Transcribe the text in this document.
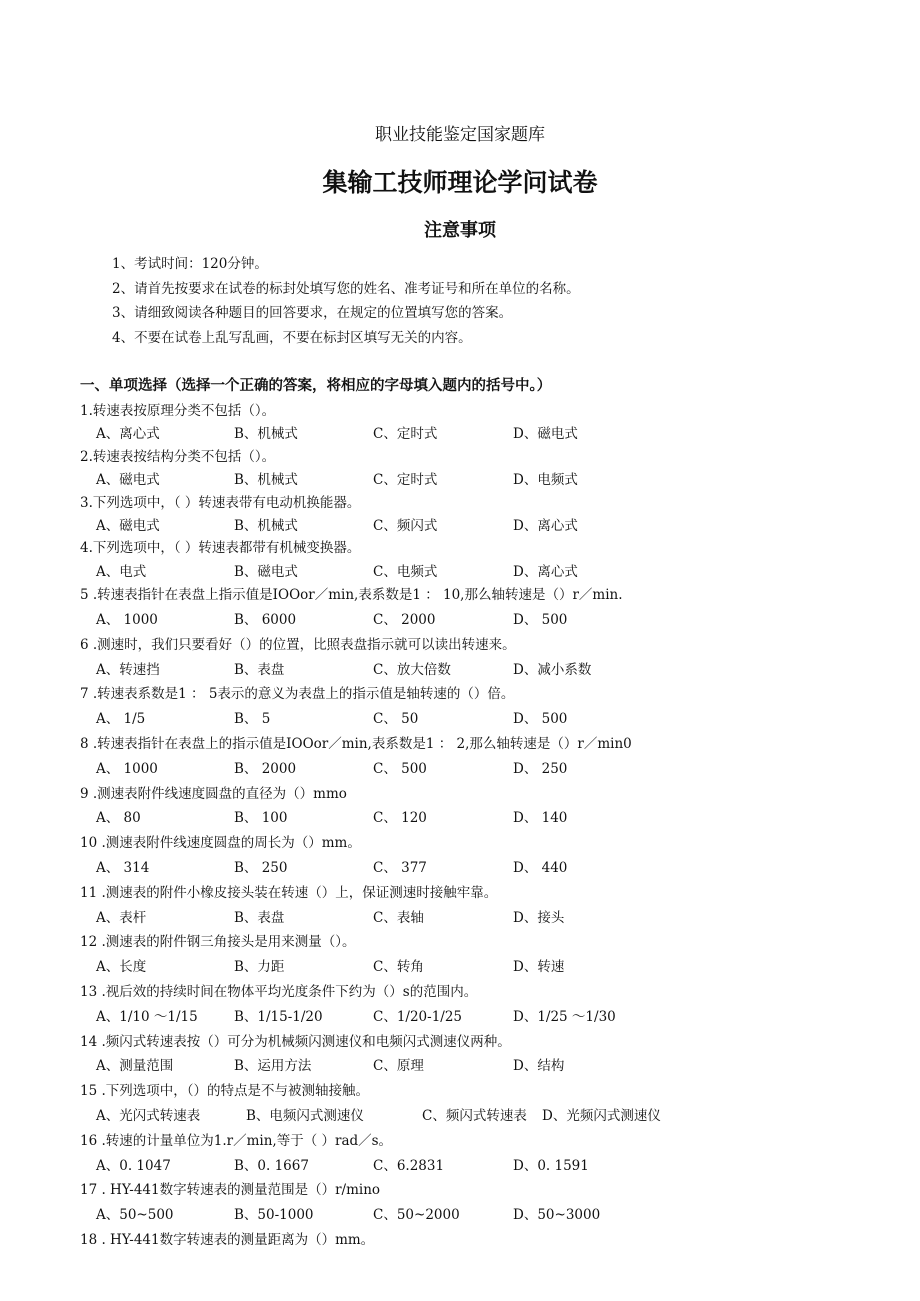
职业技能鉴定国家题库
集输工技师理论学问试卷
注意事项
1、考试时间：120分钟。
2、请首先按要求在试卷的标封处填写您的姓名、准考证号和所在单位的名称。
3、请细致阅读各种题目的回答要求，在规定的位置填写您的答案。
4、不要在试卷上乱写乱画，不要在标封区填写无关的内容。
一、单项选择（选择一个正确的答案，将相应的字母填入题内的括号中。）
1.转速表按原理分类不包括（）。
A、离心式	B、机械式	C、定时式	D、磁电式
2.转速表按结构分类不包括（）。
A、磁电式	B、机械式	C、定时式	D、电频式
3.下列选项中，（ ）转速表带有电动机换能器。
A、磁电式	B、机械式	C、频闪式	D、离心式
4.下列选项中，（ ）转速表都带有机械变换器。
A、电式	B、磁电式	C、电频式	D、离心式
5 .转速表指针在表盘上指示值是IOOor／min,表系数是1 ： 10,那么轴转速是（）r／min.
A、 1000	B、 6000	C、 2000	D、 500
6 .测速时，我们只要看好（）的位置，比照表盘指示就可以读出转速来。
A、转速挡	B、表盘	C、放大倍数	D、减小系数
7 .转速表系数是1 ： 5表示的意义为表盘上的指示值是轴转速的（）倍。
A、 1/5	B、 5	C、 50	D、 500
8 .转速表指针在表盘上的指示值是IOOor／min,表系数是1 ： 2,那么轴转速是（）r／min0
A、 1000	B、 2000	C、 500	D、 250
9 .测速表附件线速度圆盘的直径为（）mmo
A、 80	B、 100	C、 120	D、 140
10 .测速表附件线速度圆盘的周长为（）mm。
A、 314	B、 250	C、 377	D、 440
11 .测速表的附件小橡皮接头装在转速（）上，保证测速时接触牢靠。
A、表杆	B、表盘	C、表轴	D、接头
12 .测速表的附件钢三角接头是用来测量（）。
A、长度	B、力距	C、转角	D、转速
13 .视后效的持续时间在物体平均光度条件下约为（）s的范围内。
A、1/10 ～1/15	B、1/15-1/20	C、1/20-1/25	D、1/25 ～1/30
14 .频闪式转速表按（）可分为机械频闪测速仪和电频闪式测速仪两种。
A、测量范围	B、运用方法	C、原理	D、结构
15 .下列选项中，（）的特点是不与被测轴接触。
A、光闪式转速表	B、电频闪式测速仪	C、频闪式转速表 D、光频闪式测速仪
16 .转速的计量单位为1.r／min,等于（ ）rad／s。
A、0. 1047	B、0. 1667	C、6.2831	D、0. 1591
17 . HY-441数字转速表的测量范围是（）r/mino
A、50~500	B、50-1000	C、50~2000	D、50~3000
18 . HY-441数字转速表的测量距离为（）mm。
